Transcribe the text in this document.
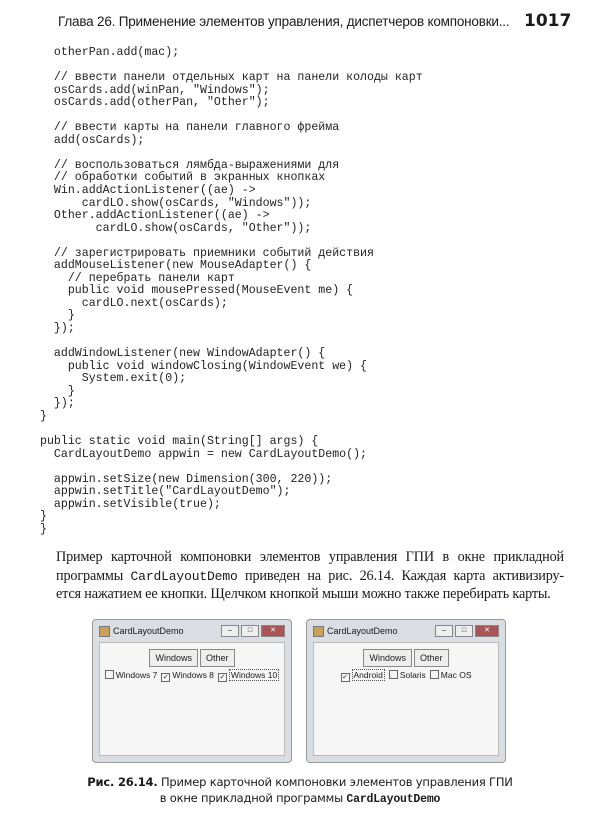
Глава 26. Применение элементов управления, диспетчеров компоновки... 1017
otherPan.add(mac);
// ввести панели отдельных карт на панели колоды карт
osCards.add(winPan, "Windows");
osCards.add(otherPan, "Other");
// ввести карты на панели главного фрейма
add(osCards);
// воспользоваться лямбда-выражениями для
// обработки событий в экранных кнопках
Win.addActionListener((ae) ->
cardLO.show(osCards, "Windows"));
Other.addActionListener((ae) ->
cardLO.show(osCards, "Other"));
// зарегистрировать приемники событий действия
addMouseListener(new MouseAdapter() {
// перебрать панели карт
public void mousePressed(MouseEvent me) {
cardLO.next(osCards);
}
});
addWindowListener(new WindowAdapter() {
public void windowClosing(WindowEvent we) {
System.exit(0);
}
});
}
public static void main(String[] args) {
CardLayoutDemo appwin = new CardLayoutDemo();
appwin.setSize(new Dimension(300, 220));
appwin.setTitle("CardLayoutDemo");
appwin.setVisible(true);
}
}
Пример карточной компоновки элементов управления ГПИ в окне прикладной
программы CardLayoutDemo приведен на рис. 26.14. Каждая карта активизиру-
ется нажатием ее кнопки. Щелчком кнопкой мыши можно также перебирать карты.
CardLayoutDemo	–	□	✕
Windows Other
Windows 7 ✓ Windows 8 ✓ Windows 10
CardLayoutDemo	–	□	✕
Windows Other
✓ Android Solaris Mac OS
Рис. 26.14. Пример карточной компоновки элементов управления ГПИ
в окне прикладной программы CardLayoutDemo
